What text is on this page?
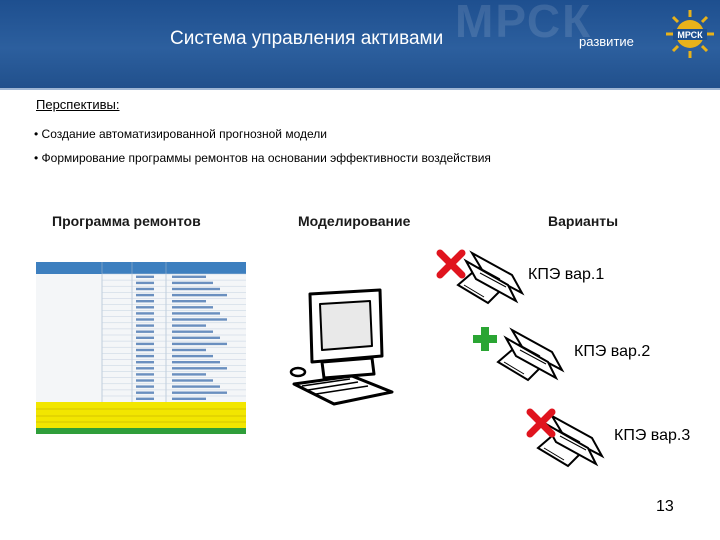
МРСК
Система управления активами	развитие	МРСК
Перспективы:
• Создание автоматизированной прогнозной модели
• Формирование программы ремонтов на основании эффективности воздействия
Программа ремонтов	Моделирование	Варианты
КПЭ вар.1
КПЭ вар.2
КПЭ вар.3
13
